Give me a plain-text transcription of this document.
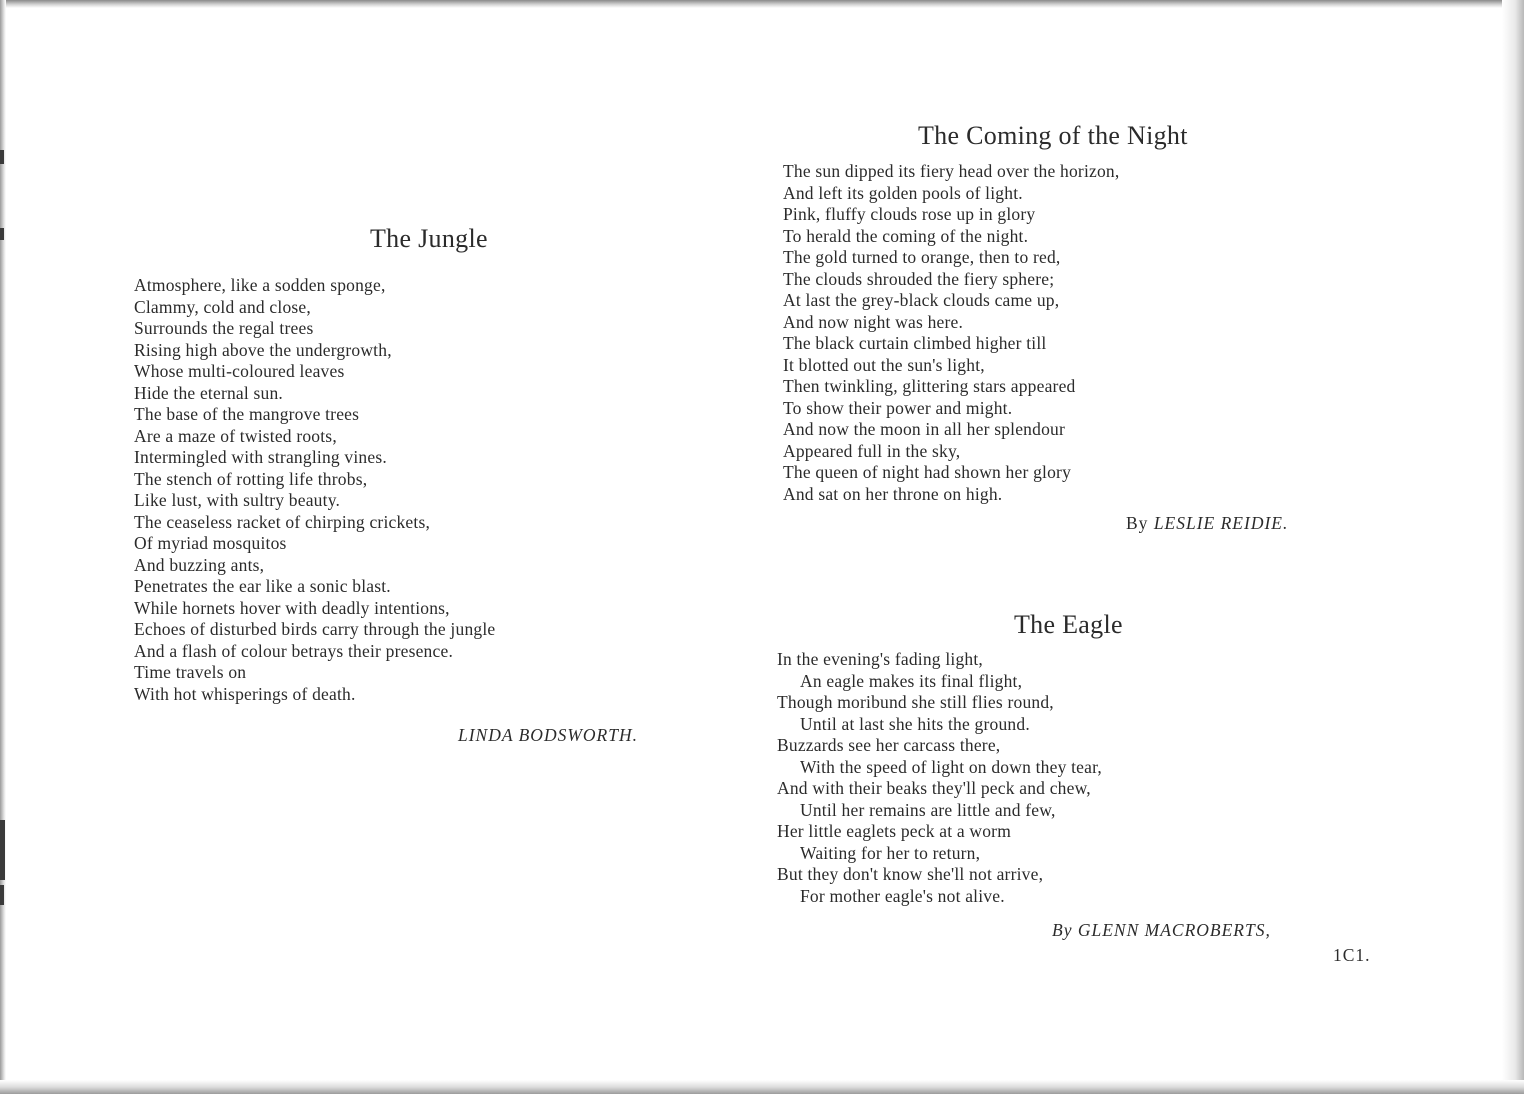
The Jungle
Atmosphere, like a sodden sponge,
Clammy, cold and close,
Surrounds the regal trees
Rising high above the undergrowth,
Whose multi-coloured leaves
Hide the eternal sun.
The base of the mangrove trees
Are a maze of twisted roots,
Intermingled with strangling vines.
The stench of rotting life throbs,
Like lust, with sultry beauty.
The ceaseless racket of chirping crickets,
Of myriad mosquitos
And buzzing ants,
Penetrates the ear like a sonic blast.
While hornets hover with deadly intentions,
Echoes of disturbed birds carry through the jungle
And a flash of colour betrays their presence.
Time travels on
With hot whisperings of death.
LINDA BODSWORTH.
The Coming of the Night
The sun dipped its fiery head over the horizon,
And left its golden pools of light.
Pink, fluffy clouds rose up in glory
To herald the coming of the night.
The gold turned to orange, then to red,
The clouds shrouded the fiery sphere;
At last the grey-black clouds came up,
And now night was here.
The black curtain climbed higher till
It blotted out the sun's light,
Then twinkling, glittering stars appeared
To show their power and might.
And now the moon in all her splendour
Appeared full in the sky,
The queen of night had shown her glory
And sat on her throne on high.
By LESLIE REIDIE.
The Eagle
In the evening's fading light,
An eagle makes its final flight,
Though moribund she still flies round,
Until at last she hits the ground.
Buzzards see her carcass there,
With the speed of light on down they tear,
And with their beaks they'll peck and chew,
Until her remains are little and few,
Her little eaglets peck at a worm
Waiting for her to return,
But they don't know she'll not arrive,
For mother eagle's not alive.
By GLENN MACROBERTS,
1C1.
